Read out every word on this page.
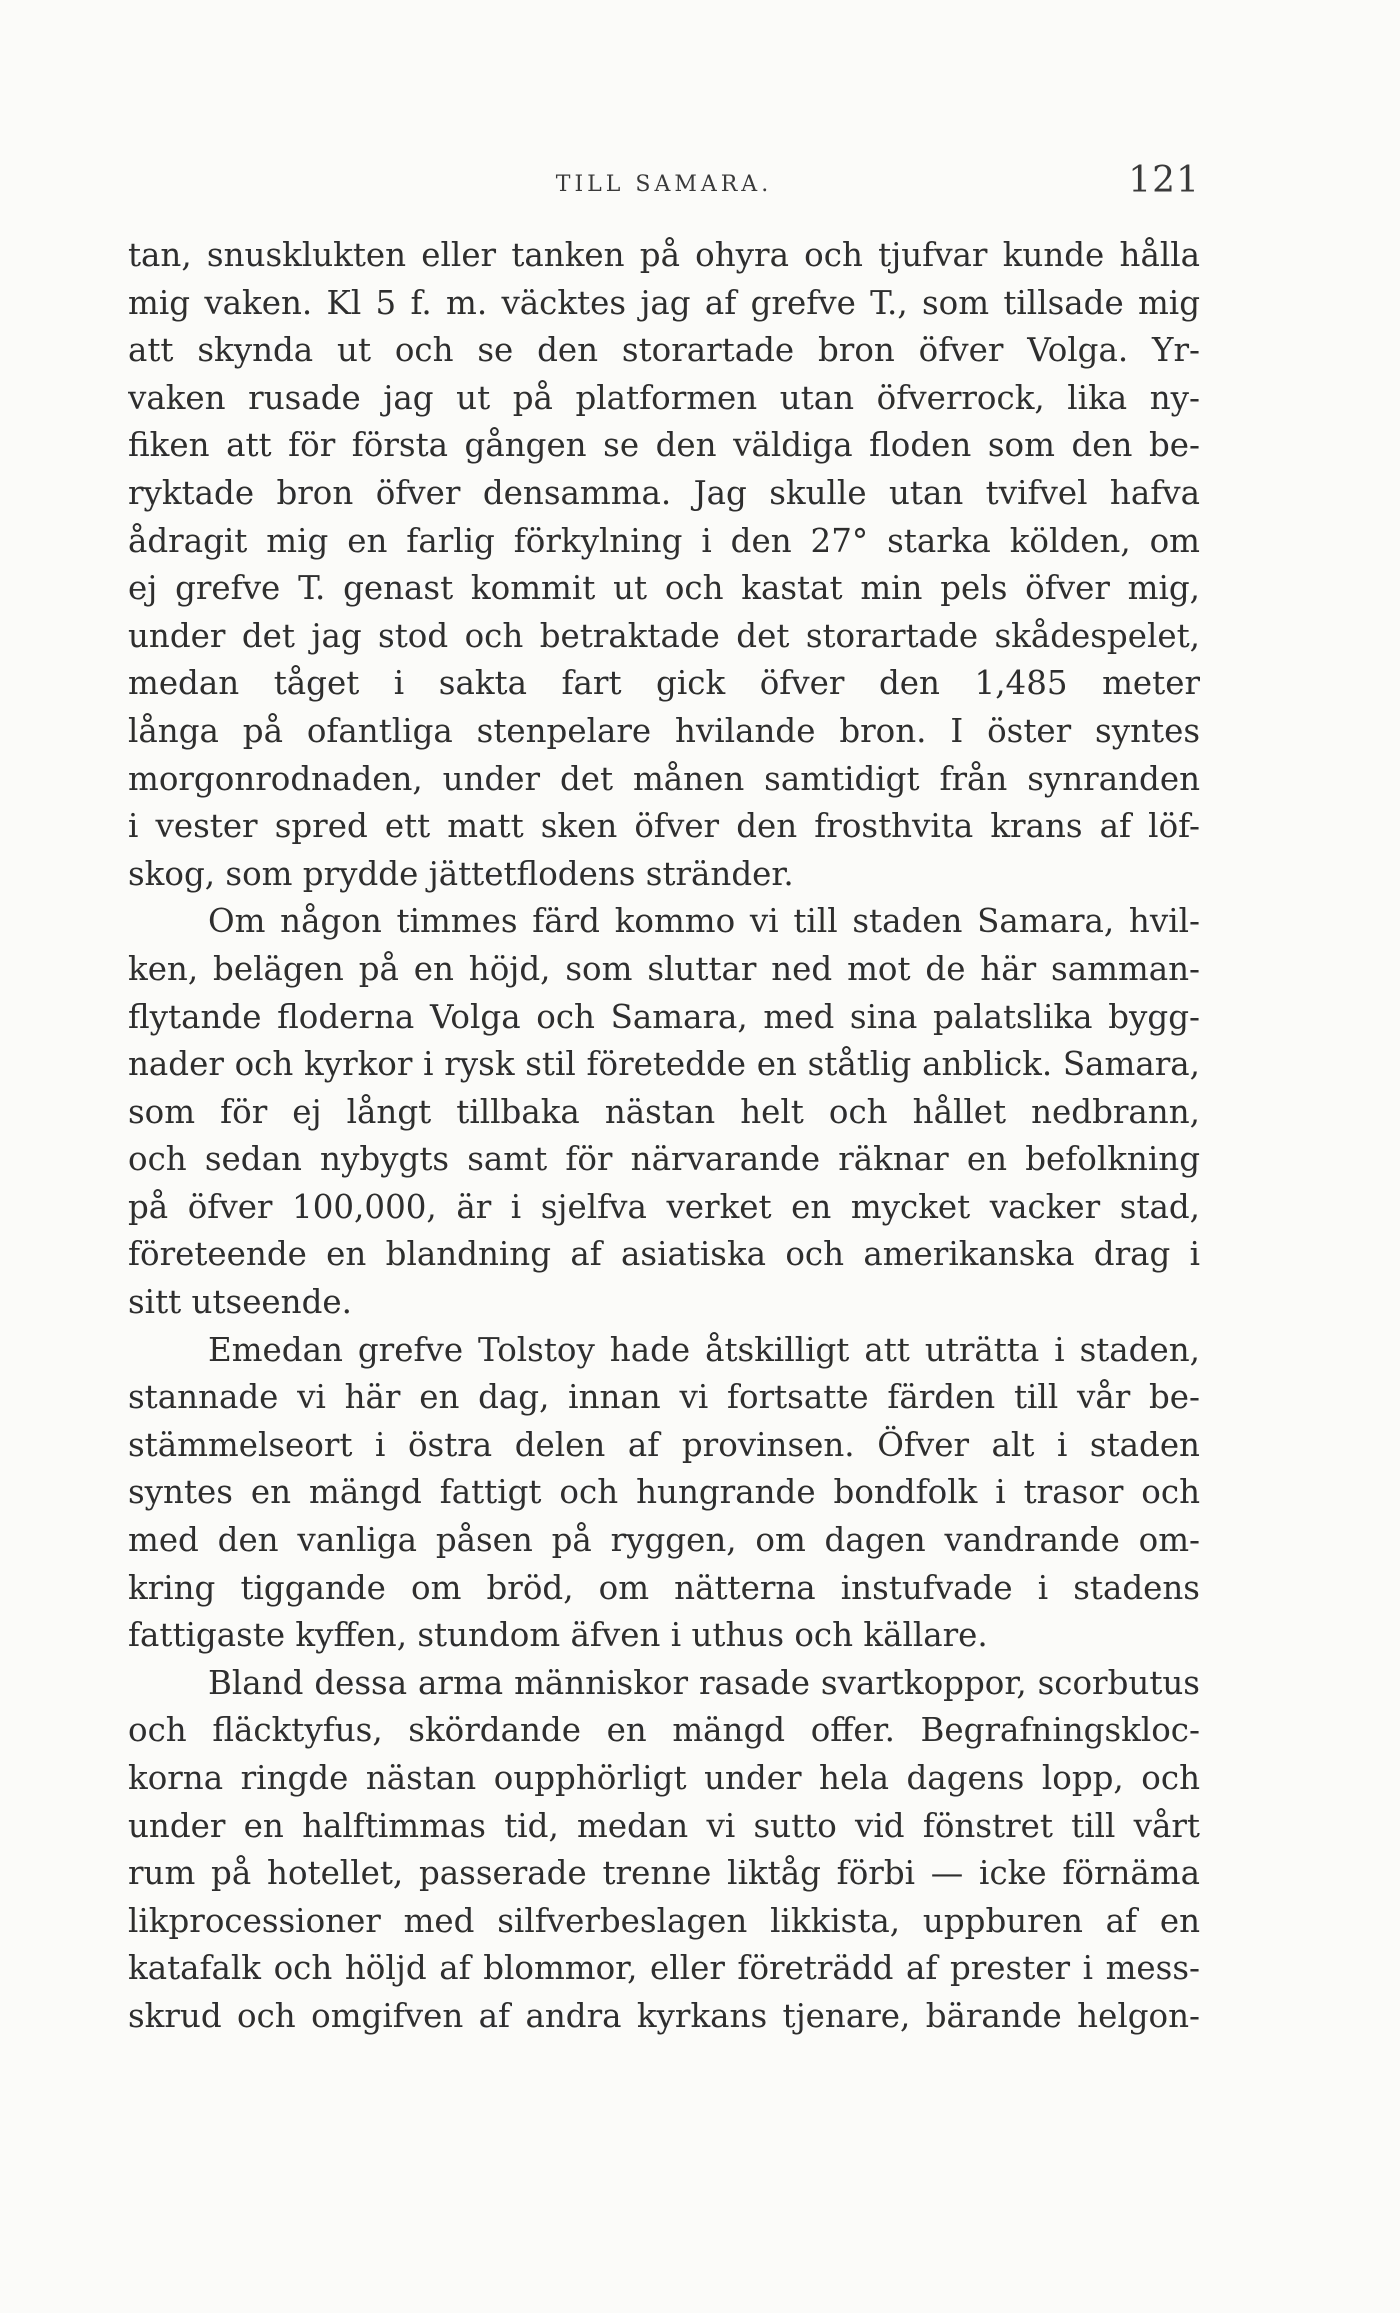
TILL SAMARA.	121
tan, snusklukten eller tanken på ohyra och tjufvar kunde hålla
mig vaken. Kl 5 f. m. väcktes jag af grefve T., som tillsade mig
att skynda ut och se den storartade bron öfver Volga. Yr-
vaken rusade jag ut på platformen utan öfverrock, lika ny-
fiken att för första gången se den väldiga floden som den be-
ryktade bron öfver densamma. Jag skulle utan tvifvel hafva
ådragit mig en farlig förkylning i den 27° starka kölden, om
ej grefve T. genast kommit ut och kastat min pels öfver mig,
under det jag stod och betraktade det storartade skådespelet,
medan tåget i sakta fart gick öfver den 1,485 meter
långa på ofantliga stenpelare hvilande bron. I öster syntes
morgonrodnaden, under det månen samtidigt från synranden
i vester spred ett matt sken öfver den frosthvita krans af löf-
skog, som prydde jättetflodens stränder.
Om någon timmes färd kommo vi till staden Samara, hvil-
ken, belägen på en höjd, som sluttar ned mot de här samman-
flytande floderna Volga och Samara, med sina palatslika bygg-
nader och kyrkor i rysk stil företedde en ståtlig anblick. Samara,
som för ej långt tillbaka nästan helt och hållet nedbrann,
och sedan nybygts samt för närvarande räknar en befolkning
på öfver 100,000, är i sjelfva verket en mycket vacker stad,
företeende en blandning af asiatiska och amerikanska drag i
sitt utseende.
Emedan grefve Tolstoy hade åtskilligt att uträtta i staden,
stannade vi här en dag, innan vi fortsatte färden till vår be-
stämmelseort i östra delen af provinsen. Öfver alt i staden
syntes en mängd fattigt och hungrande bondfolk i trasor och
med den vanliga påsen på ryggen, om dagen vandrande om-
kring tiggande om bröd, om nätterna instufvade i stadens
fattigaste kyffen, stundom äfven i uthus och källare.
Bland dessa arma människor rasade svartkoppor, scorbutus
och fläcktyfus, skördande en mängd offer. Begrafningskloc-
korna ringde nästan oupphörligt under hela dagens lopp, och
under en halftimmas tid, medan vi sutto vid fönstret till vårt
rum på hotellet, passerade trenne liktåg förbi — icke förnäma
likprocessioner med silfverbeslagen likkista, uppburen af en
katafalk och höljd af blommor, eller företrädd af prester i mess-
skrud och omgifven af andra kyrkans tjenare, bärande helgon-
